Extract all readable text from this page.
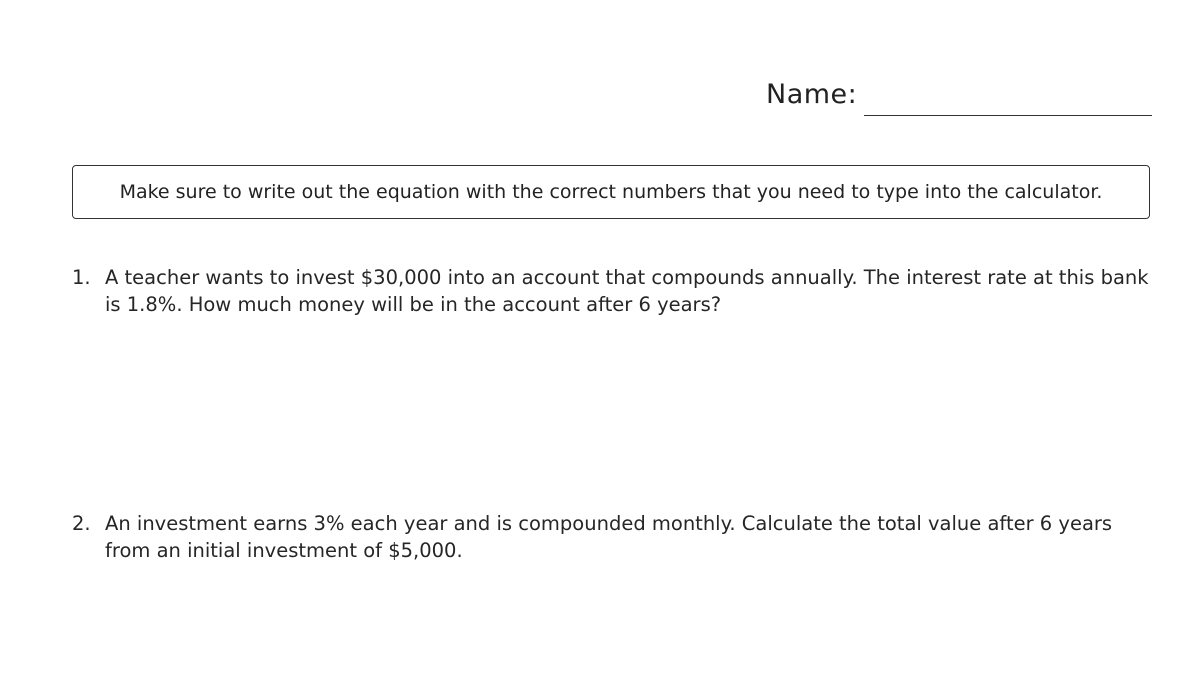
Name:
Make sure to write out the equation with the correct numbers that you need to type into the calculator.
1. A teacher wants to invest $30,000 into an account that compounds annually. The interest rate at this bank is 1.8%. How much money will be in the account after 6 years?
2. An investment earns 3% each year and is compounded monthly. Calculate the total value after 6 years from an initial investment of $5,000.
